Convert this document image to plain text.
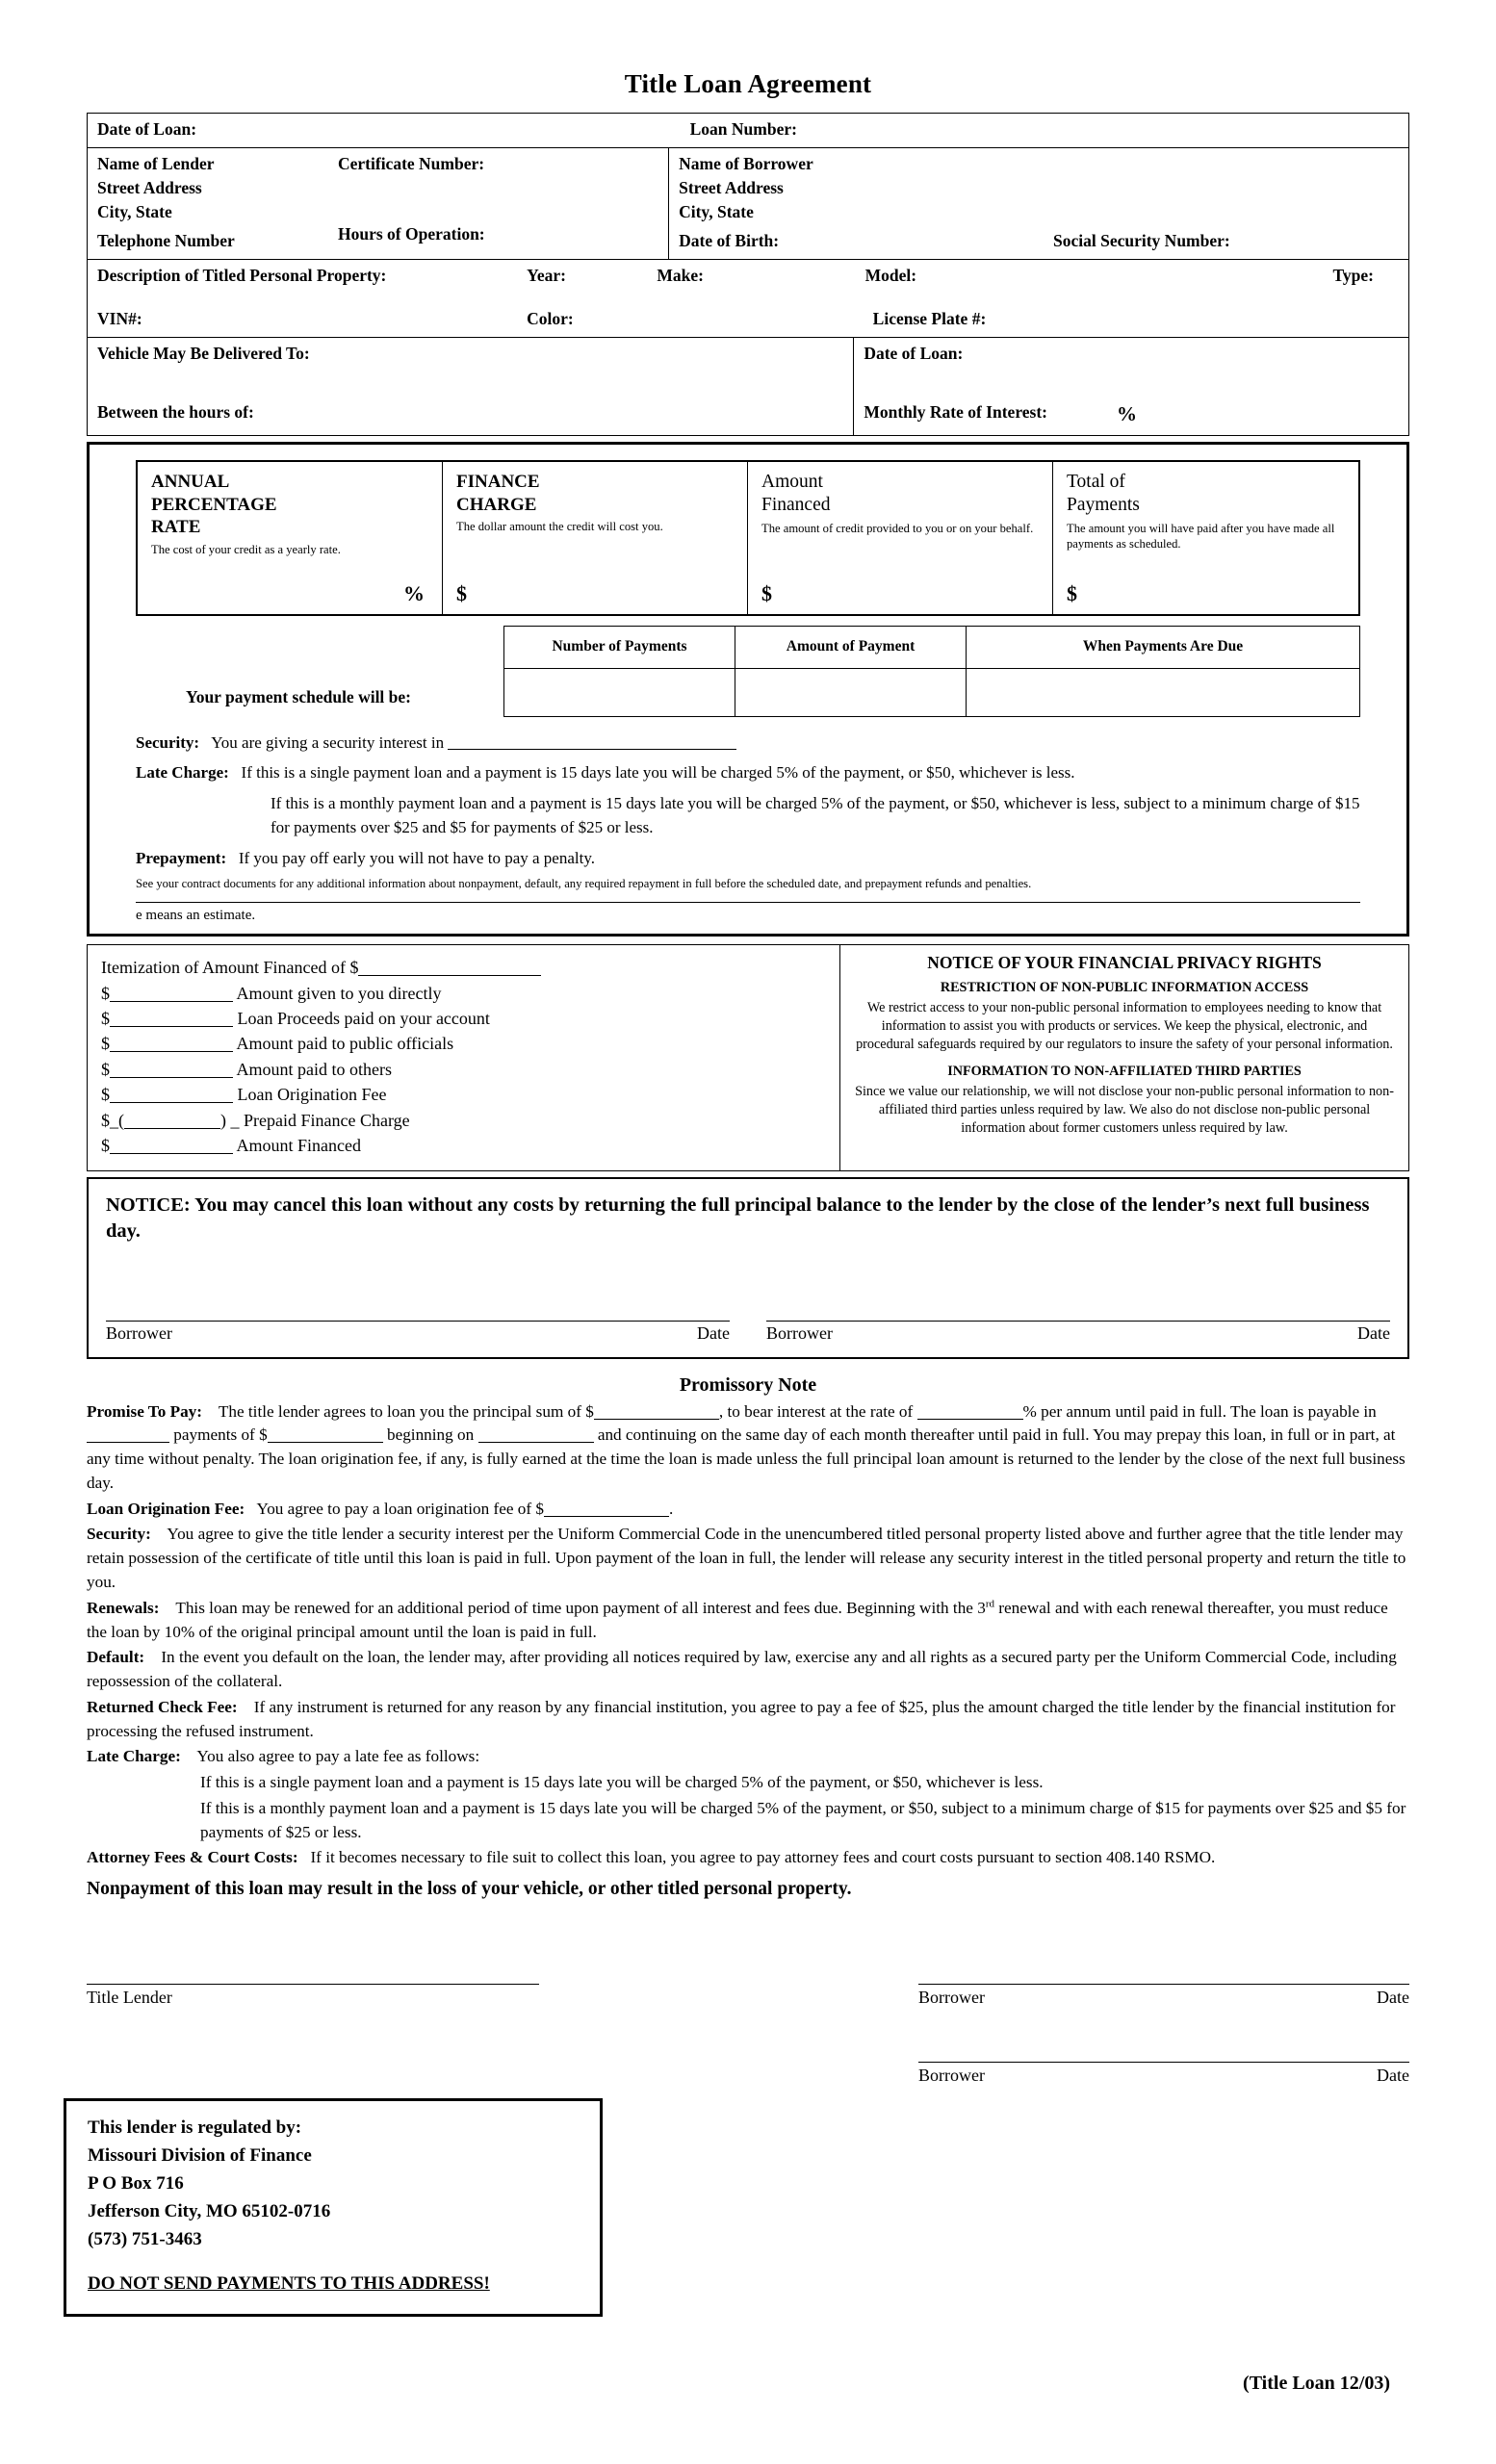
Title Loan Agreement
Date of Loan:	Loan Number:	

Name of Lender
Street Address
City, State
Telephone Number
Certificate Number:
Hours of Operation:

Name of Borrower
Street Address
City, State
Date of Birth:	Social Security Number:

Description of Titled Personal Property:	Year:	Make:	Model:	Type:
VIN#:	Color:	License Plate #:

Vehicle May Be Delivered To:
Between the hours of:

Date of Loan:
Monthly Rate of Interest:	%
ANNUAL
PERCENTAGE
RATE
The cost of your credit as a yearly rate.
%
FINANCE
CHARGE
The dollar amount the credit will cost you.
$
Amount
Financed
The amount of credit provided to you or on your behalf.
$
Total of
Payments
The amount you will have paid after you have made all payments as scheduled.
$
Your payment schedule will be:
Number of Payments	Amount of Payment	When Payments Are Due

Security: You are giving a security interest in

Late Charge: If this is a single payment loan and a payment is 15 days late you will be charged 5% of the payment, or $50, whichever is less.

If this is a monthly payment loan and a payment is 15 days late you will be charged 5% of the payment, or $50, whichever is less, subject to a minimum charge of $15 for payments over $25 and $5 for payments of $25 or less.

Prepayment: If you pay off early you will not have to pay a penalty.

See your contract documents for any additional information about nonpayment, default, any required repayment in full before the scheduled date, and prepayment refunds and penalties.
e means an estimate.
Itemization of Amount Financed of $
$	Amount given to you directly
$	Loan Proceeds paid on your account
$	Amount paid to public officials
$	Amount paid to others
$	Loan Origination Fee
$_(	) _ Prepaid Finance Charge
$	Amount Financed
NOTICE OF YOUR FINANCIAL PRIVACY RIGHTS
RESTRICTION OF NON-PUBLIC INFORMATION ACCESS
We restrict access to your non-public personal information to employees needing to know that information to assist you with products or services. We keep the physical, electronic, and procedural safeguards required by our regulators to insure the safety of your personal information.
INFORMATION TO NON-AFFILIATED THIRD PARTIES
Since we value our relationship, we will not disclose your non-public personal information to non-affiliated third parties unless required by law. We also do not disclose non-public personal information about former customers unless required by law.
NOTICE: You may cancel this loan without any costs by returning the full principal balance to the lender by the close of the lender’s next full business day.
Borrower	Date Borrower	Date
Promissory Note

Promise To Pay: The title lender agrees to loan you the principal sum of $	, to bear interest at the rate of	% per annum until paid in full. The loan is payable in  payments of $	beginning on	and continuing on the same day of each month thereafter until paid in full. You may prepay this loan, in full or in part, at any time without penalty. The loan origination fee, if any, is fully earned at the time the loan is made unless the full principal loan amount is returned to the lender by the close of the next full business day.

Loan Origination Fee: You agree to pay a loan origination fee of $	.

Security: You agree to give the title lender a security interest per the Uniform Commercial Code in the unencumbered titled personal property listed above and further agree that the title lender may retain possession of the certificate of title until this loan is paid in full. Upon payment of the loan in full, the lender will release any security interest in the titled personal property and return the title to you.

Renewals: This loan may be renewed for an additional period of time upon payment of all interest and fees due. Beginning with the 3rd renewal and with each renewal thereafter, you must reduce the loan by 10% of the original principal amount until the loan is paid in full.

Default: In the event you default on the loan, the lender may, after providing all notices required by law, exercise any and all rights as a secured party per the Uniform Commercial Code, including repossession of the collateral.

Returned Check Fee: If any instrument is returned for any reason by any financial institution, you agree to pay a fee of $25, plus the amount charged the title lender by the financial institution for processing the refused instrument.

Late Charge: You also agree to pay a late fee as follows:

If this is a single payment loan and a payment is 15 days late you will be charged 5% of the payment, or $50, whichever is less.

If this is a monthly payment loan and a payment is 15 days late you will be charged 5% of the payment, or $50, subject to a minimum charge of $15 for payments over $25 and $5 for payments of $25 or less.

Attorney Fees & Court Costs: If it becomes necessary to file suit to collect this loan, you agree to pay attorney fees and court costs pursuant to section 408.140 RSMO.

Nonpayment of this loan may result in the loss of your vehicle, or other titled personal property.
Title Lender	Borrower	Date
Borrower	Date
This lender is regulated by:
Missouri Division of Finance
P O Box 716
Jefferson City, MO 65102-0716
(573) 751-3463
DO NOT SEND PAYMENTS TO THIS ADDRESS!
(Title Loan 12/03)
